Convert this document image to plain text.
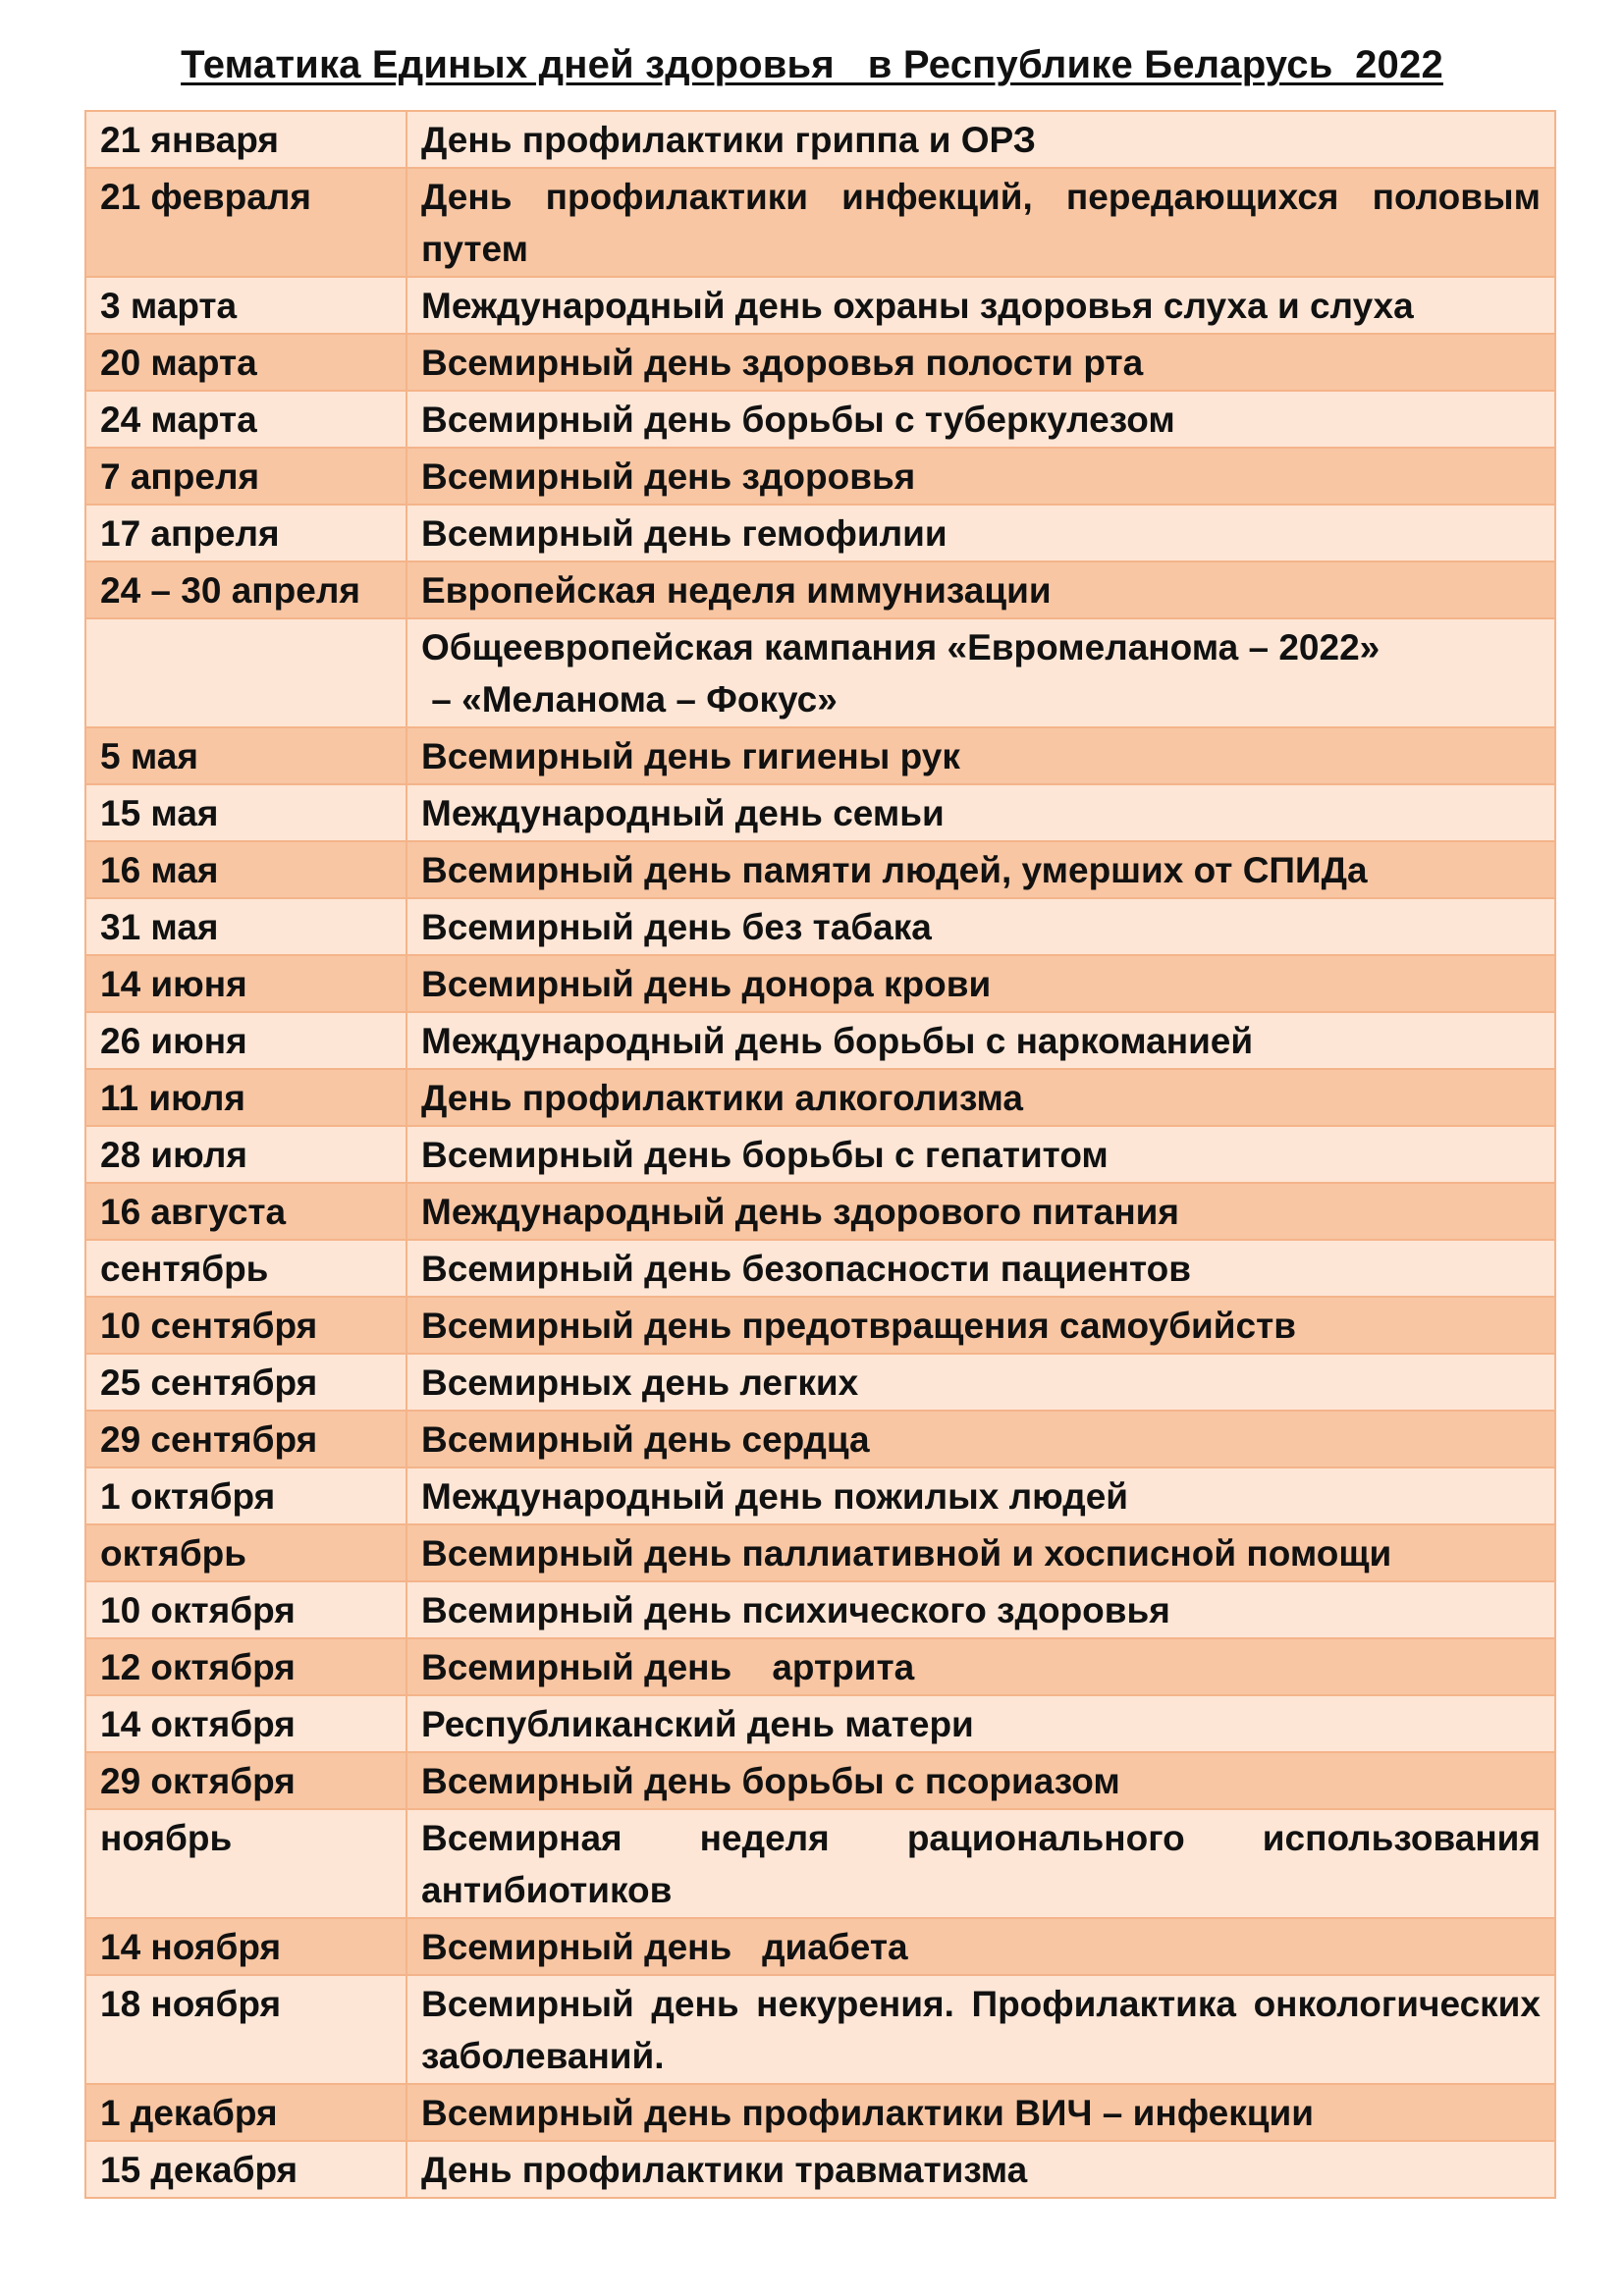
Тематика Единых дней здоровья   в Республике Беларусь  2022
21 января	День профилактики гриппа и ОРЗ
21 февраля	День профилактики инфекций, передающихся половым путем
3 марта	Международный день охраны здоровья слуха и слуха
20 марта	Всемирный день здоровья полости рта
24 марта	Всемирный день борьбы с туберкулезом
7 апреля	Всемирный день здоровья
17 апреля	Всемирный день гемофилии
24 – 30 апреля	Европейская неделя иммунизации
	Общеевропейская кампания «Евромеланома – 2022»
– «Меланома – Фокус»
5 мая	Всемирный день гигиены рук
15 мая	Международный день семьи
16 мая	Всемирный день памяти людей, умерших от СПИДа
31 мая	Всемирный день без табака
14 июня	Всемирный день донора крови
26 июня	Международный день борьбы с наркоманией
11 июля	День профилактики алкоголизма
28 июля	Всемирный день борьбы с гепатитом
16 августа	Международный день здорового питания
сентябрь	Всемирный день безопасности пациентов
10 сентября	Всемирный день предотвращения самоубийств
25 сентября	Всемирных день легких
29 сентября	Всемирный день сердца
1 октября	Международный день пожилых людей
октябрь	Всемирный день паллиативной и хосписной помощи
10 октября	Всемирный день психического здоровья
12 октября	Всемирный день    артрита
14 октября	Республиканский день матери
29 октября	Всемирный день борьбы с псориазом
ноябрь	Всемирная неделя рационального использования антибиотиков
14 ноября	Всемирный день   диабета
18 ноября	Всемирный день некурения. Профилактика онкологических заболеваний.
1 декабря	Всемирный день профилактики ВИЧ – инфекции
15 декабря	День профилактики травматизма
